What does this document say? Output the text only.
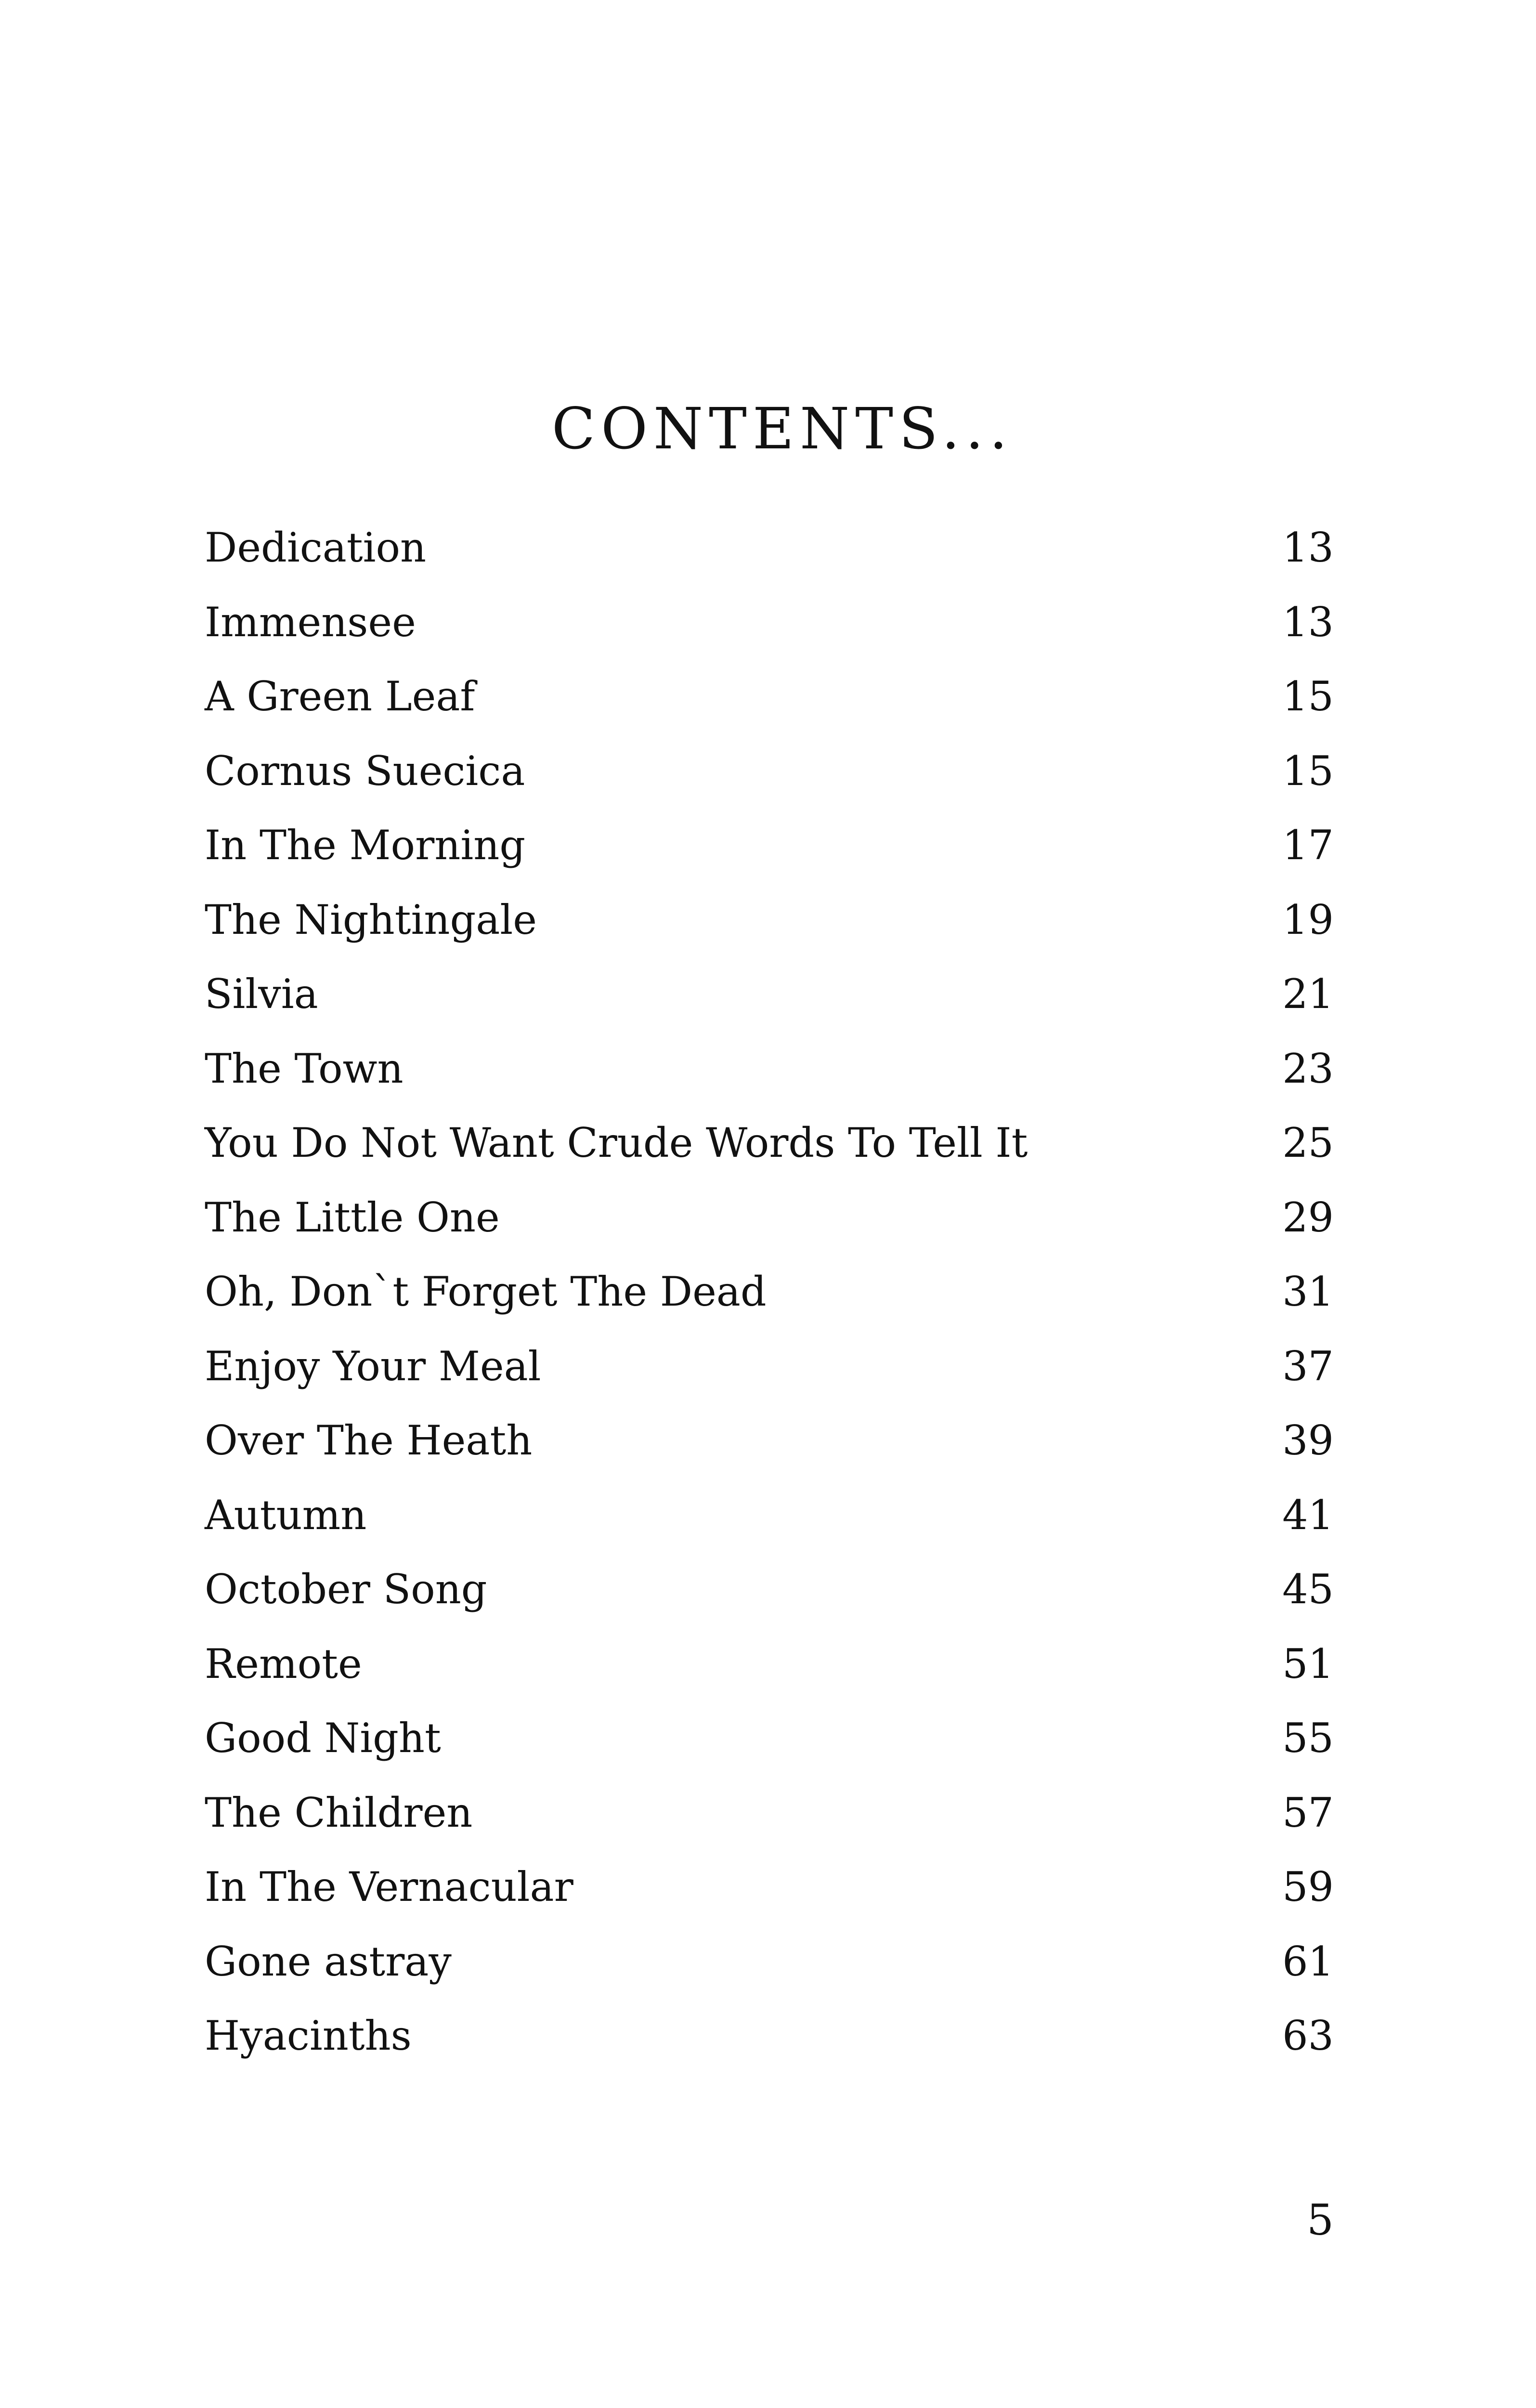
CONTENTS...
Dedication	13
Immensee	13
A Green Leaf	15
Cornus Suecica	15
In The Morning	17
The Nightingale	19
Silvia	21
The Town	23
You Do Not Want Crude Words To Tell It	25
The Little One	29
Oh, Don`t Forget The Dead	31
Enjoy Your Meal	37
Over The Heath	39
Autumn	41
October Song	45
Remote	51
Good Night	55
The Children	57
In The Vernacular	59
Gone astray	61
Hyacinths	63
5
